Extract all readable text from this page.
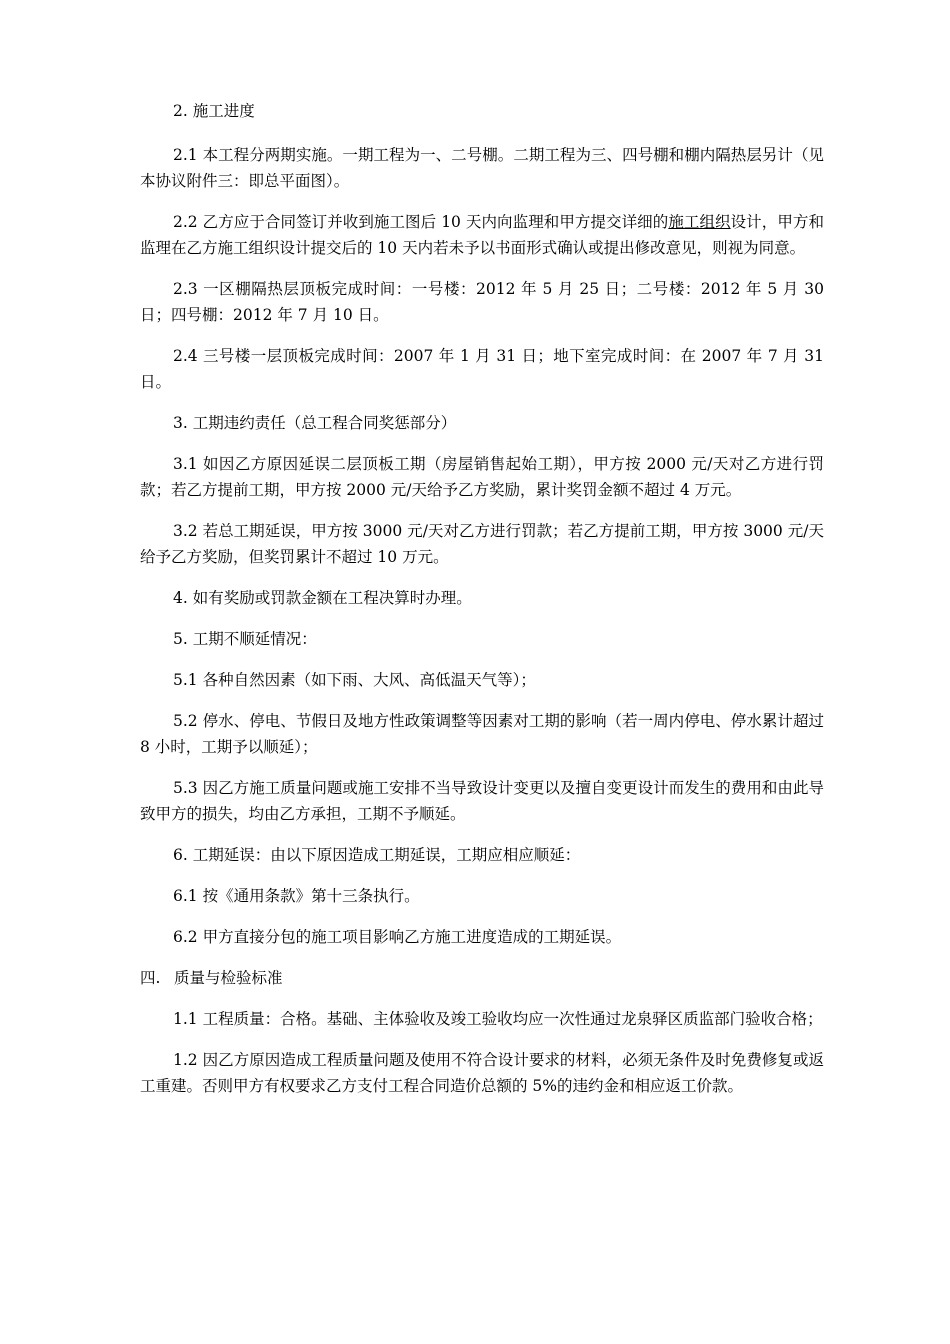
2. 施工进度

2.1 本工程分两期实施。一期工程为一、二号棚。二期工程为三、四号棚和棚内隔热层另计（见本协议附件三：即总平面图）。

2.2 乙方应于合同签订并收到施工图后 10 天内向监理和甲方提交详细的施工组织设计，甲方和监理在乙方施工组织设计提交后的 10 天内若未予以书面形式确认或提出修改意见，则视为同意。

2.3 一区棚隔热层顶板完成时间：一号楼：2012 年 5 月 25 日；二号楼：2012 年 5 月 30 日；四号棚：2012 年 7 月 10 日。

2.4 三号楼一层顶板完成时间：2007 年 1 月 31 日；地下室完成时间：在 2007 年 7 月 31 日。

3. 工期违约责任（总工程合同奖惩部分）

3.1 如因乙方原因延误二层顶板工期（房屋销售起始工期），甲方按 2000 元/天对乙方进行罚款；若乙方提前工期，甲方按 2000 元/天给予乙方奖励，累计奖罚金额不超过 4 万元。

3.2 若总工期延误，甲方按 3000 元/天对乙方进行罚款；若乙方提前工期，甲方按 3000 元/天给予乙方奖励，但奖罚累计不超过 10 万元。

4. 如有奖励或罚款金额在工程决算时办理。

5. 工期不顺延情况：

5.1 各种自然因素（如下雨、大风、高低温天气等）；

5.2 停水、停电、节假日及地方性政策调整等因素对工期的影响（若一周内停电、停水累计超过 8 小时，工期予以顺延）；

5.3 因乙方施工质量问题或施工安排不当导致设计变更以及擅自变更设计而发生的费用和由此导致甲方的损失，均由乙方承担，工期不予顺延。

6. 工期延误：由以下原因造成工期延误，工期应相应顺延：

6.1 按《通用条款》第十三条执行。

6.2 甲方直接分包的施工项目影响乙方施工进度造成的工期延误。

四. 质量与检验标准

1.1 工程质量：合格。基础、主体验收及竣工验收均应一次性通过龙泉驿区质监部门验收合格；

1.2 因乙方原因造成工程质量问题及使用不符合设计要求的材料，必须无条件及时免费修复或返工重建。否则甲方有权要求乙方支付工程合同造价总额的 5%的违约金和相应返工价款。
